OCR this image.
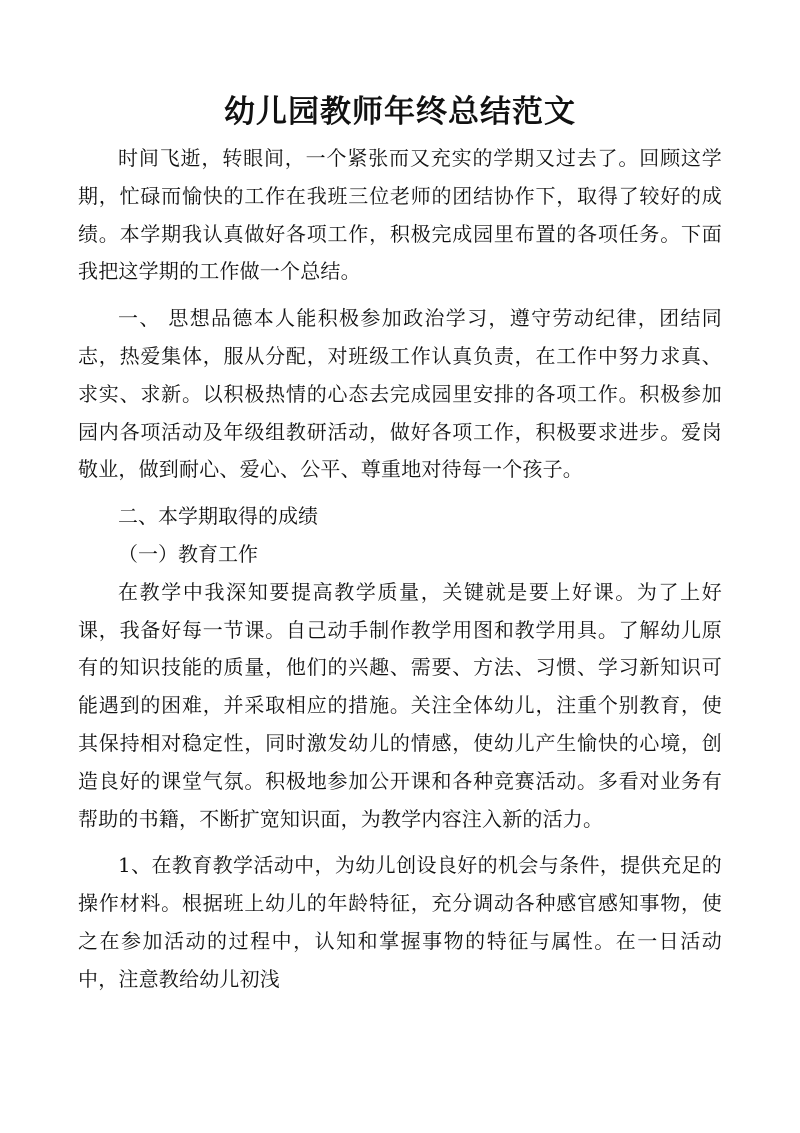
幼儿园教师年终总结范文

时间飞逝，转眼间，一个紧张而又充实的学期又过去了。回顾这学期，忙碌而愉快的工作在我班三位老师的团结协作下，取得了较好的成绩。本学期我认真做好各项工作，积极完成园里布置的各项任务。下面我把这学期的工作做一个总结。

一、 思想品德本人能积极参加政治学习，遵守劳动纪律，团结同志，热爱集体，服从分配，对班级工作认真负责，在工作中努力求真、求实、求新。以积极热情的心态去完成园里安排的各项工作。积极参加园内各项活动及年级组教研活动，做好各项工作，积极要求进步。爱岗敬业，做到耐心、爱心、公平、尊重地对待每一个孩子。

二、本学期取得的成绩

（一）教育工作

在教学中我深知要提高教学质量，关键就是要上好课。为了上好课，我备好每一节课。自己动手制作教学用图和教学用具。了解幼儿原有的知识技能的质量，他们的兴趣、需要、方法、习惯、学习新知识可能遇到的困难，并采取相应的措施。关注全体幼儿，注重个别教育，使其保持相对稳定性，同时激发幼儿的情感，使幼儿产生愉快的心境，创造良好的课堂气氛。积极地参加公开课和各种竞赛活动。多看对业务有帮助的书籍，不断扩宽知识面，为教学内容注入新的活力。

1、在教育教学活动中，为幼儿创设良好的机会与条件，提供充足的操作材料。根据班上幼儿的年龄特征，充分调动各种感官感知事物，使之在参加活动的过程中，认知和掌握事物的特征与属性。在一日活动中，注意教给幼儿初浅
